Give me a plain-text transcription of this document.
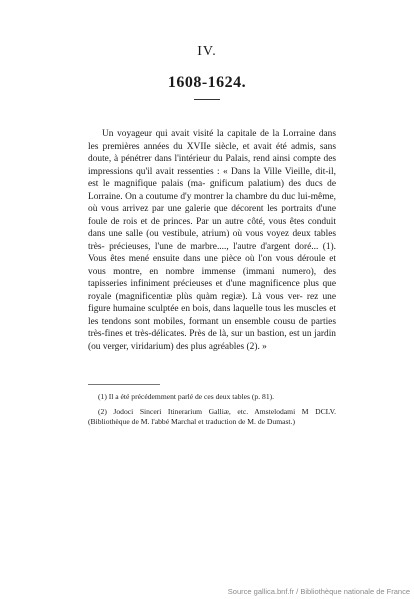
IV.
1608-1624.

Un voyageur qui avait visité la capitale de la Lorraine dans les premières années du XVIIe siècle, et avait été admis, sans doute, à pénétrer dans l'intérieur du Palais, rend ainsi compte des impressions qu'il avait ressenties : « Dans la Ville Vieille, dit-il, est le magnifique palais (ma- gnificum palatium) des ducs de Lorraine. On a coutume d'y montrer la chambre du duc lui-même, où vous arrivez par une galerie que décorent les portraits d'une foule de rois et de princes. Par un autre côté, vous êtes conduit dans une salle (ou vestibule, atrium) où vous voyez deux tables très- précieuses, l'une de marbre...., l'autre d'argent doré... (1). Vous êtes mené ensuite dans une pièce où l'on vous déroule et vous montre, en nombre immense (immani numero), des tapisseries infiniment précieuses et d'une magnificence plus que royale (magnificentiæ plùs quàm regiæ). Là vous ver- rez une figure humaine sculptée en bois, dans laquelle tous les muscles et les tendons sont mobiles, formant un ensemble cousu de parties très-fines et très-délicates. Près de là, sur un bastion, est un jardin (ou verger, viridarium) des plus agréables (2). »

(1) Il a été précédemment parlé de ces deux tables (p. 81).

(2) Jodoci Sinceri Itinerarium Galliæ, etc. Amstelodami M DCLV. (Bibliothèque de M. l'abbé Marchal et traduction de M. de Dumast.)

Source gallica.bnf.fr / Bibliothèque nationale de France
